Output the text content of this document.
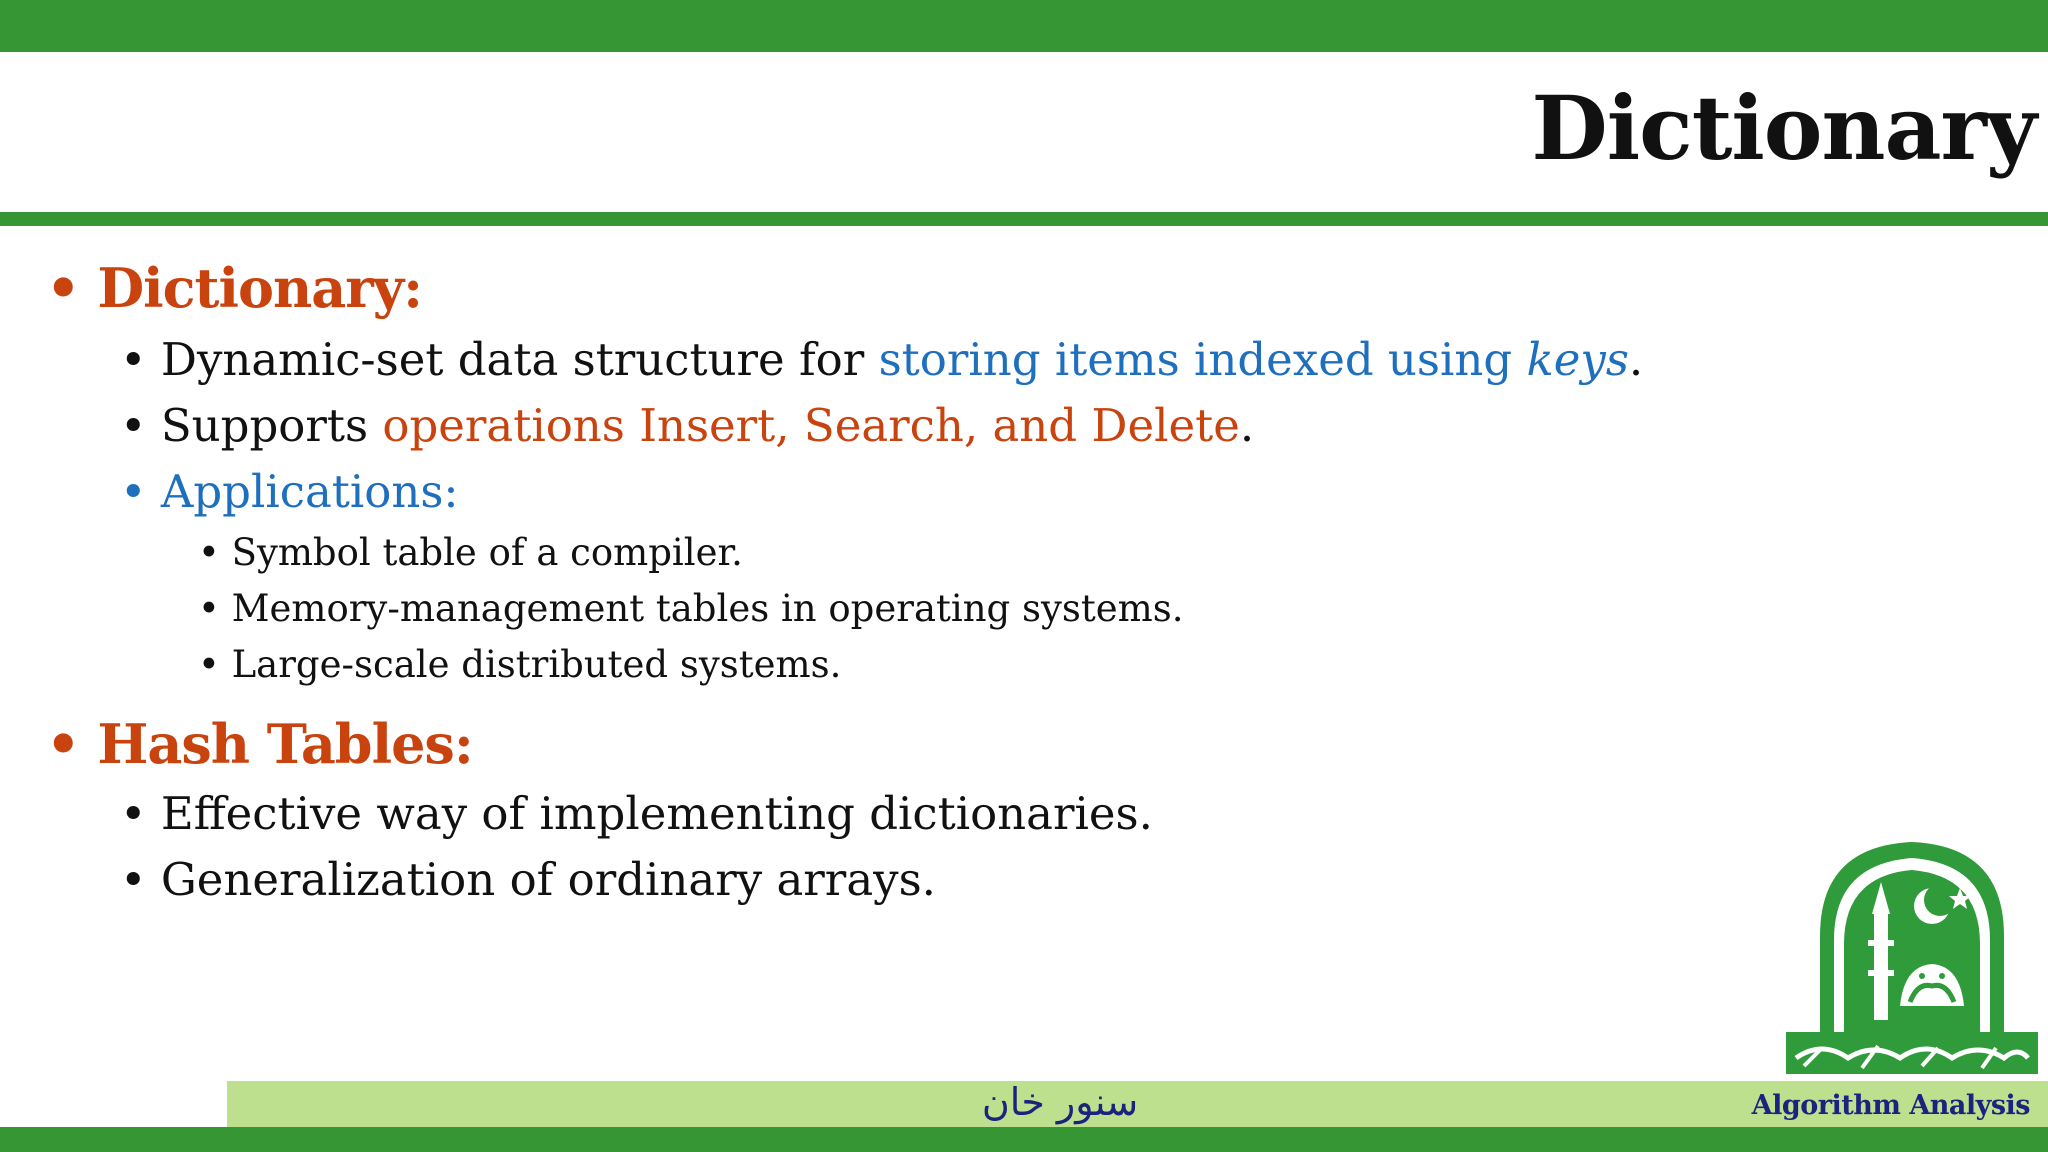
Dictionary
• Dictionary:
• Dynamic-set data structure for storing items indexed using keys.
• Supports operations Insert, Search, and Delete.
• Applications:
• Symbol table of a compiler.
• Memory-management tables in operating systems.
• Large-scale distributed systems.
• Hash Tables:
• Effective way of implementing dictionaries.
• Generalization of ordinary arrays.
سنور خان	Algorithm Analysis
